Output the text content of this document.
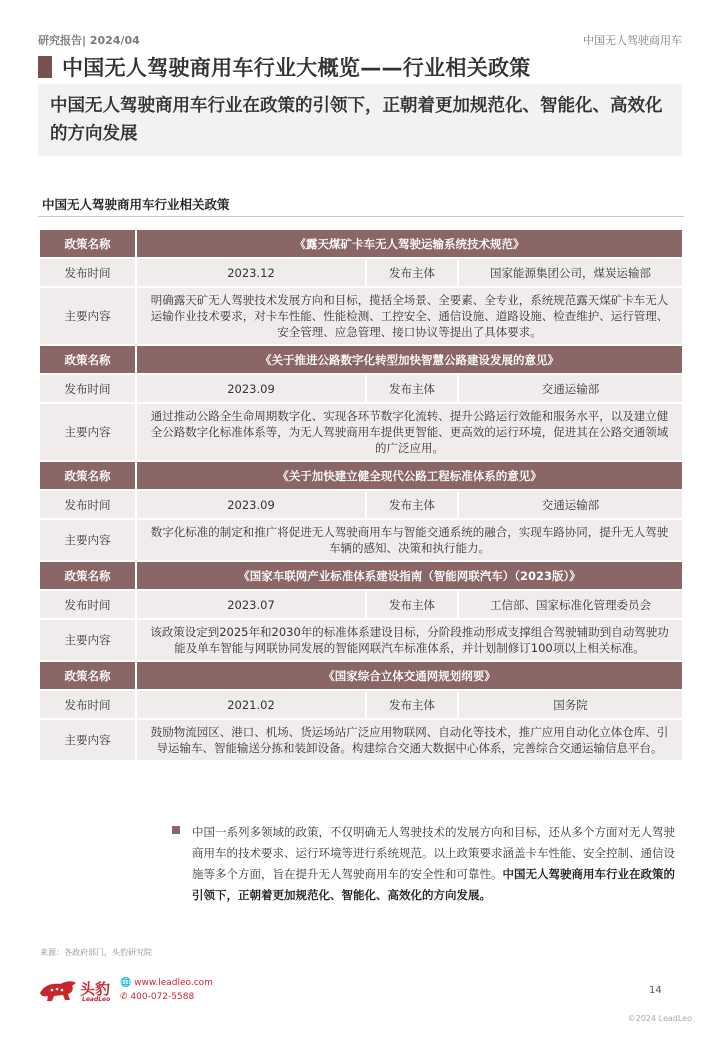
研究报告| 2024/04	中国无人驾驶商用车
中国无人驾驶商用车行业大概览——行业相关政策
中国无人驾驶商用车行业在政策的引领下，正朝着更加规范化、智能化、高效化的方向发展
中国无人驾驶商用车行业相关政策
政策名称	《露天煤矿卡车无人驾驶运输系统技术规范》		
发布时间	2023.12	发布主体	国家能源集团公司，煤炭运输部
主要内容	明确露天矿无人驾驶技术发展方向和目标，揽括全场景、全要素、全专业，系统规范露天煤矿卡车无人运输作业技术要求，对卡车性能、性能检测、工控安全、通信设施、道路设施、检查维护、运行管理、安全管理、应急管理、接口协议等提出了具体要求。		
政策名称	《关于推进公路数字化转型加快智慧公路建设发展的意见》		
发布时间	2023.09	发布主体	交通运输部
主要内容	通过推动公路全生命周期数字化、实现各环节数字化流转、提升公路运行效能和服务水平，以及建立健全公路数字化标准体系等，为无人驾驶商用车提供更智能、更高效的运行环境，促进其在公路交通领域的广泛应用。		
政策名称	《关于加快建立健全现代公路工程标准体系的意见》		
发布时间	2023.09	发布主体	交通运输部
主要内容	数字化标准的制定和推广将促进无人驾驶商用车与智能交通系统的融合，实现车路协同，提升无人驾驶车辆的感知、决策和执行能力。		
政策名称	《国家车联网产业标准体系建设指南（智能网联汽车）（2023版）》		
发布时间	2023.07	发布主体	工信部、国家标准化管理委员会
主要内容	该政策设定到2025年和2030年的标准体系建设目标，分阶段推动形成支撑组合驾驶辅助到自动驾驶功能及单车智能与网联协同发展的智能网联汽车标准体系，并计划制修订100项以上相关标准。		
政策名称	《国家综合立体交通网规划纲要》		
发布时间	2021.02	发布主体	国务院
主要内容	鼓励物流园区、港口、机场、货运场站广泛应用物联网、自动化等技术，推广应用自动化立体仓库、引导运输车、智能输送分拣和装卸设备。构建综合交通大数据中心体系，完善综合交通运输信息平台。		
中国一系列多领域的政策，不仅明确无人驾驶技术的发展方向和目标，还从多个方面对无人驾驶商用车的技术要求、运行环境等进行系统规范。以上政策要求涵盖卡车性能、安全控制、通信设施等多个方面，旨在提升无人驾驶商用车的安全性和可靠性。中国无人驾驶商用车行业在政策的引领下，正朝着更加规范化、智能化、高效化的方向发展。
来源：各政府部门，头豹研究院
头豹
LeadLeo
🌐 www.leadleo.com
✆ 400-072-5588
14
©2024 LeadLeo
